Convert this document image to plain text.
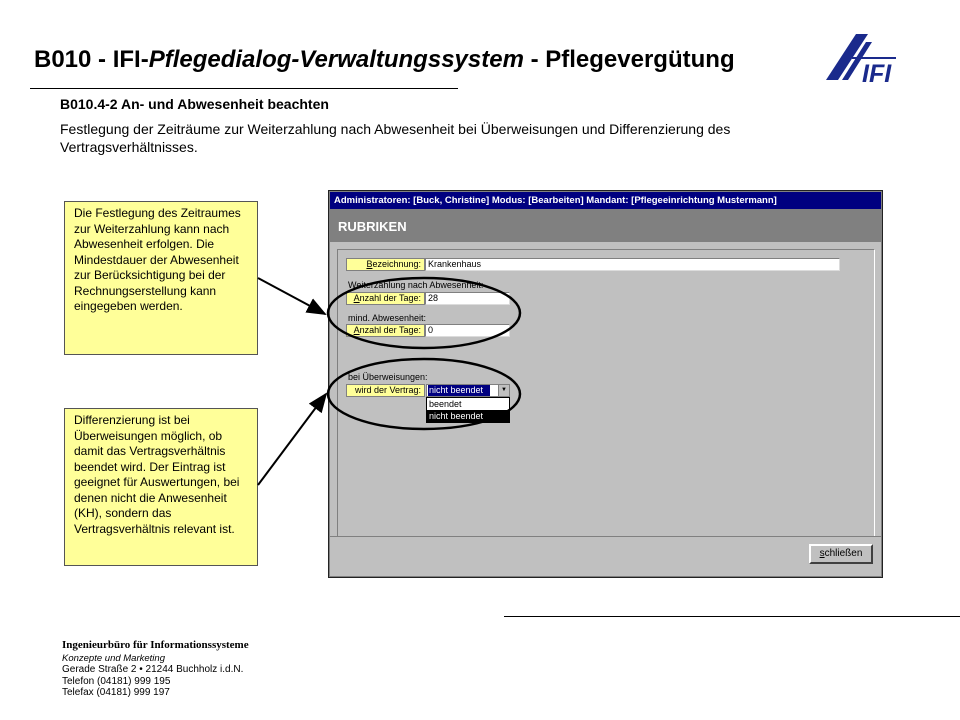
B010 - IFI-Pflegedialog-Verwaltungssystem - Pflegevergütung
IFI
B010.4-2 An- und Abwesenheit beachten
Festlegung der Zeiträume zur Weiterzahlung nach Abwesenheit bei Überweisungen und Differenzierung des Vertragsverhältnisses.
Die Festlegung des Zeitraumes zur Weiterzahlung kann nach Abwesenheit erfolgen. Die Mindestdauer der Abwesenheit zur Berücksichtigung bei der Rechnungserstellung kann eingegeben werden.
Differenzierung ist bei Überweisungen möglich, ob damit das Vertragsverhältnis beendet wird. Der Eintrag ist geeignet für Auswertungen, bei denen nicht die Anwesenheit (KH), sondern das Vertragsverhältnis relevant ist.
Administratoren: [Buck, Christine] Modus: [Bearbeiten] Mandant: [Pflegeeinrichtung Mustermann]
RUBRIKEN
schließen
Bezeichnung: Krankenhaus
Weiterzahlung nach Abwesenheit:
Anzahl der Tage: 28
mind. Abwesenheit:
Anzahl der Tage: 0
bei Überweisungen:
wird der Vertrag: nicht beendet	▼
beendet
nicht beendet
Ingenieurbüro für Informationssysteme
Konzepte und Marketing
Gerade Straße 2 • 21244 Buchholz i.d.N.
Telefon (04181) 999 195
Telefax (04181) 999 197
